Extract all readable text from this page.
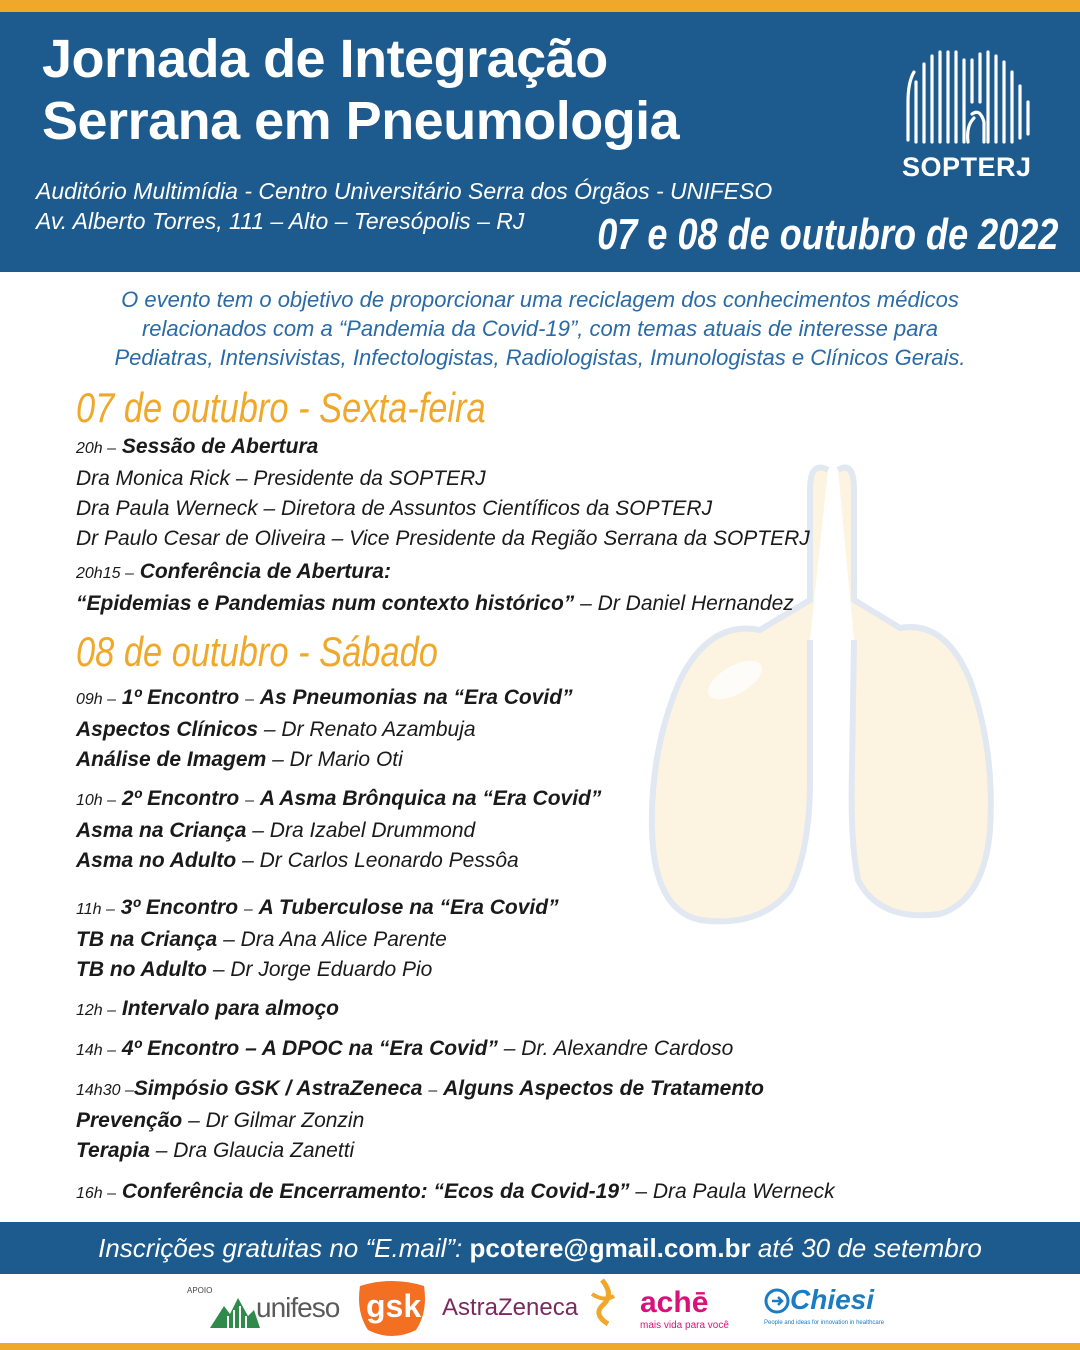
Jornada de Integração
Serrana em Pneumologia
Auditório Multimídia - Centro Universitário Serra dos Órgãos - UNIFESO
Av. Alberto Torres, 111 – Alto – Teresópolis – RJ	07 e 08 de outubro de 2022
SOPTERJ
O evento tem o objetivo de proporcionar uma reciclagem dos conhecimentos médicos
relacionados com a “Pandemia da Covid-19”, com temas atuais de interesse para
Pediatras, Intensivistas, Infectologistas, Radiologistas, Imunologistas e Clínicos Gerais.
07 de outubro - Sexta-feira
20h – Sessão de Abertura
Dra Monica Rick – Presidente da SOPTERJ
Dra Paula Werneck – Diretora de Assuntos Científicos da SOPTERJ
Dr Paulo Cesar de Oliveira – Vice Presidente da Região Serrana da SOPTERJ
20h15 – Conferência de Abertura:
“Epidemias e Pandemias num contexto histórico” – Dr Daniel Hernandez
08 de outubro - Sábado
09h – 1º Encontro – As Pneumonias na “Era Covid”
Aspectos Clínicos – Dr Renato Azambuja
Análise de Imagem – Dr Mario Oti
10h – 2º Encontro – A Asma Brônquica na “Era Covid”
Asma na Criança – Dra Izabel Drummond
Asma no Adulto – Dr Carlos Leonardo Pessôa
11h – 3º Encontro – A Tuberculose na “Era Covid”
TB na Criança – Dra Ana Alice Parente
TB no Adulto – Dr Jorge Eduardo Pio
12h – Intervalo para almoço
14h – 4º Encontro – A DPOC na “Era Covid” – Dr. Alexandre Cardoso
14h30 –Simpósio GSK / AstraZeneca – Alguns Aspectos de Tratamento
Prevenção – Dr Gilmar Zonzin
Terapia – Dra Glaucia Zanetti
16h – Conferência de Encerramento: “Ecos da Covid-19” – Dra Paula Werneck
Inscrições gratuitas no “E.mail”: pcotere@gmail.com.br até 30 de setembro
APOIO
unifeso gsk AstraZeneca achē
mais vida para você
Chiesi
People and ideas for innovation in healthcare
